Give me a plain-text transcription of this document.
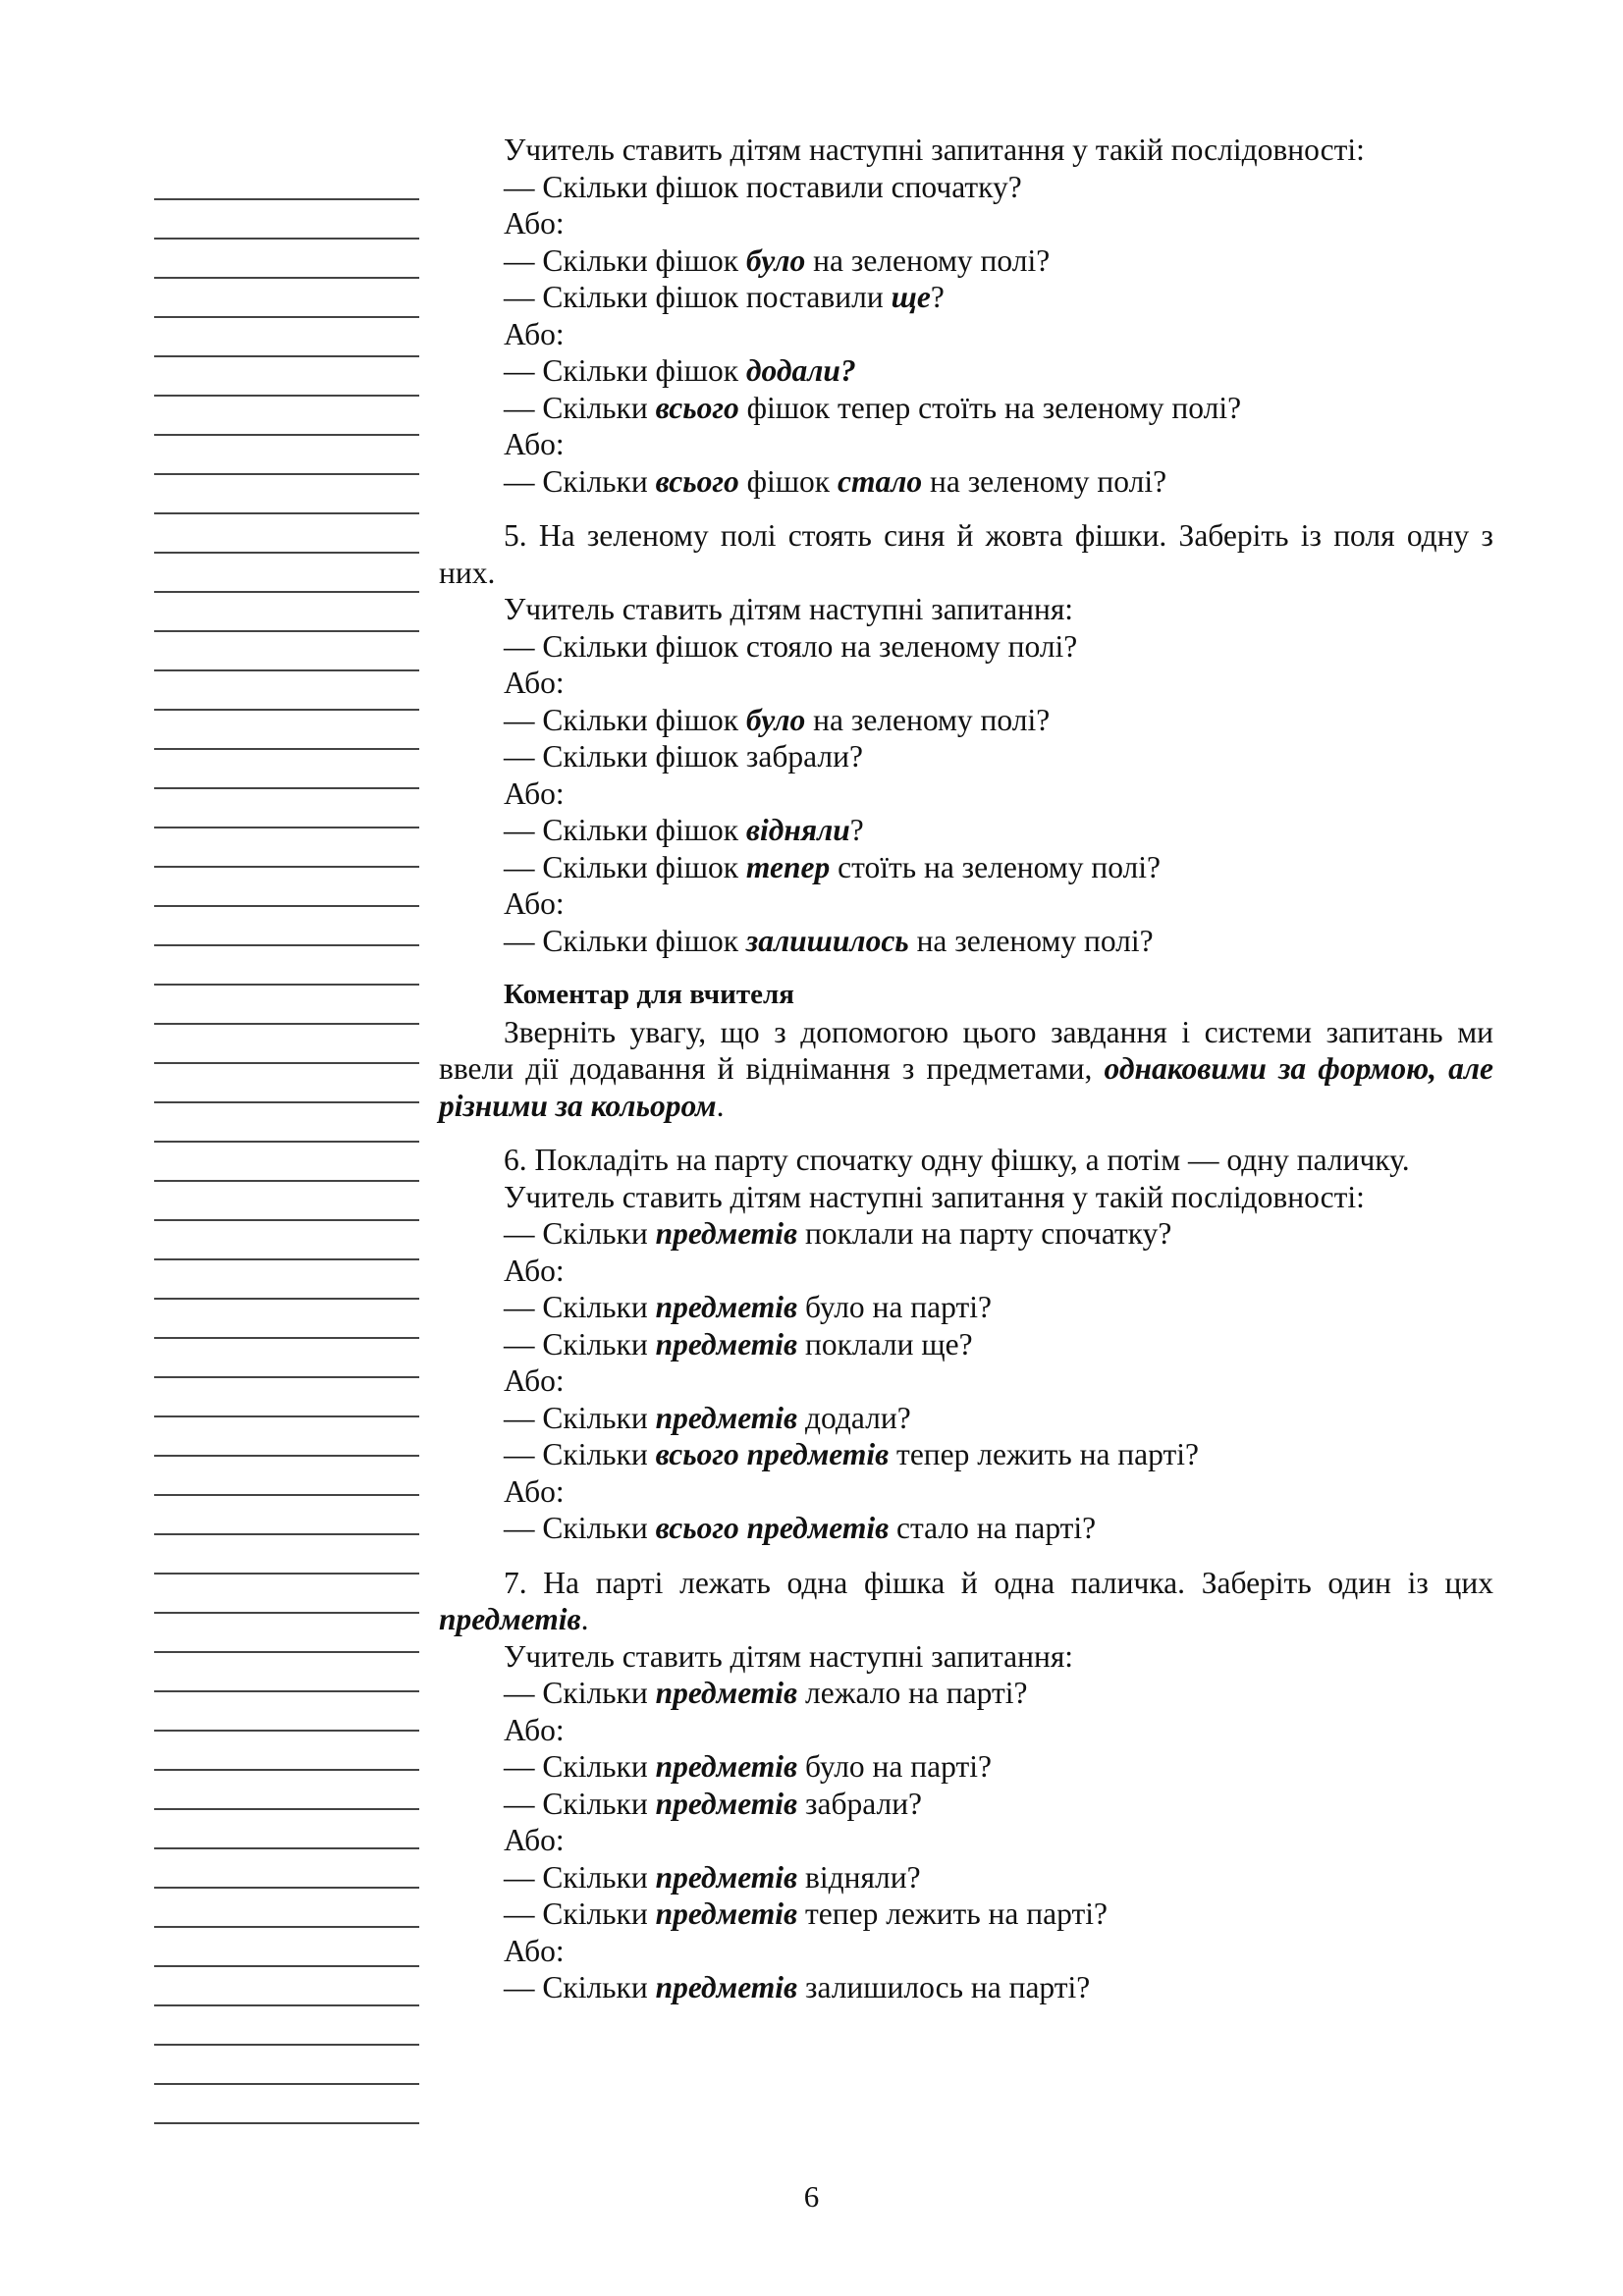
Учитель ставить дітям наступні запитання у такій послідовності:

— Скільки фішок поставили спочатку?

Або:

— Скільки фішок було на зеленому полі?

— Скільки фішок поставили ще?

Або:

— Скільки фішок додали?

— Скільки всього фішок тепер стоїть на зеленому полі?

Або:

— Скільки всього фішок стало на зеленому полі?

5. На зеленому полі стоять синя й жовта фішки. Заберіть із поля одну з них.

Учитель ставить дітям наступні запитання:

— Скільки фішок стояло на зеленому полі?

Або:

— Скільки фішок було на зеленому полі?

— Скільки фішок забрали?

Або:

— Скільки фішок відняли?

— Скільки фішок тепер стоїть на зеленому полі?

Або:

— Скільки фішок залишилось на зеленому полі?

Коментар для вчителя

Зверніть увагу, що з допомогою цього завдання і системи запитань ми ввели дії додавання й віднімання з предметами, однаковими за формою, але різними за кольором.

6. Покладіть на парту спочатку одну фішку, а потім — одну паличку.

Учитель ставить дітям наступні запитання у такій послідовності:

— Скільки предметів поклали на парту спочатку?

Або:

— Скільки предметів було на парті?

— Скільки предметів поклали ще?

Або:

— Скільки предметів додали?

— Скільки всього предметів тепер лежить на парті?

Або:

— Скільки всього предметів стало на парті?

7. На парті лежать одна фішка й одна паличка. Заберіть один із цих предметів.

Учитель ставить дітям наступні запитання:

— Скільки предметів лежало на парті?

Або:

— Скільки предметів було на парті?

— Скільки предметів забрали?

Або:

— Скільки предметів відняли?

— Скільки предметів тепер лежить на парті?

Або:

— Скільки предметів залишилось на парті?

6
